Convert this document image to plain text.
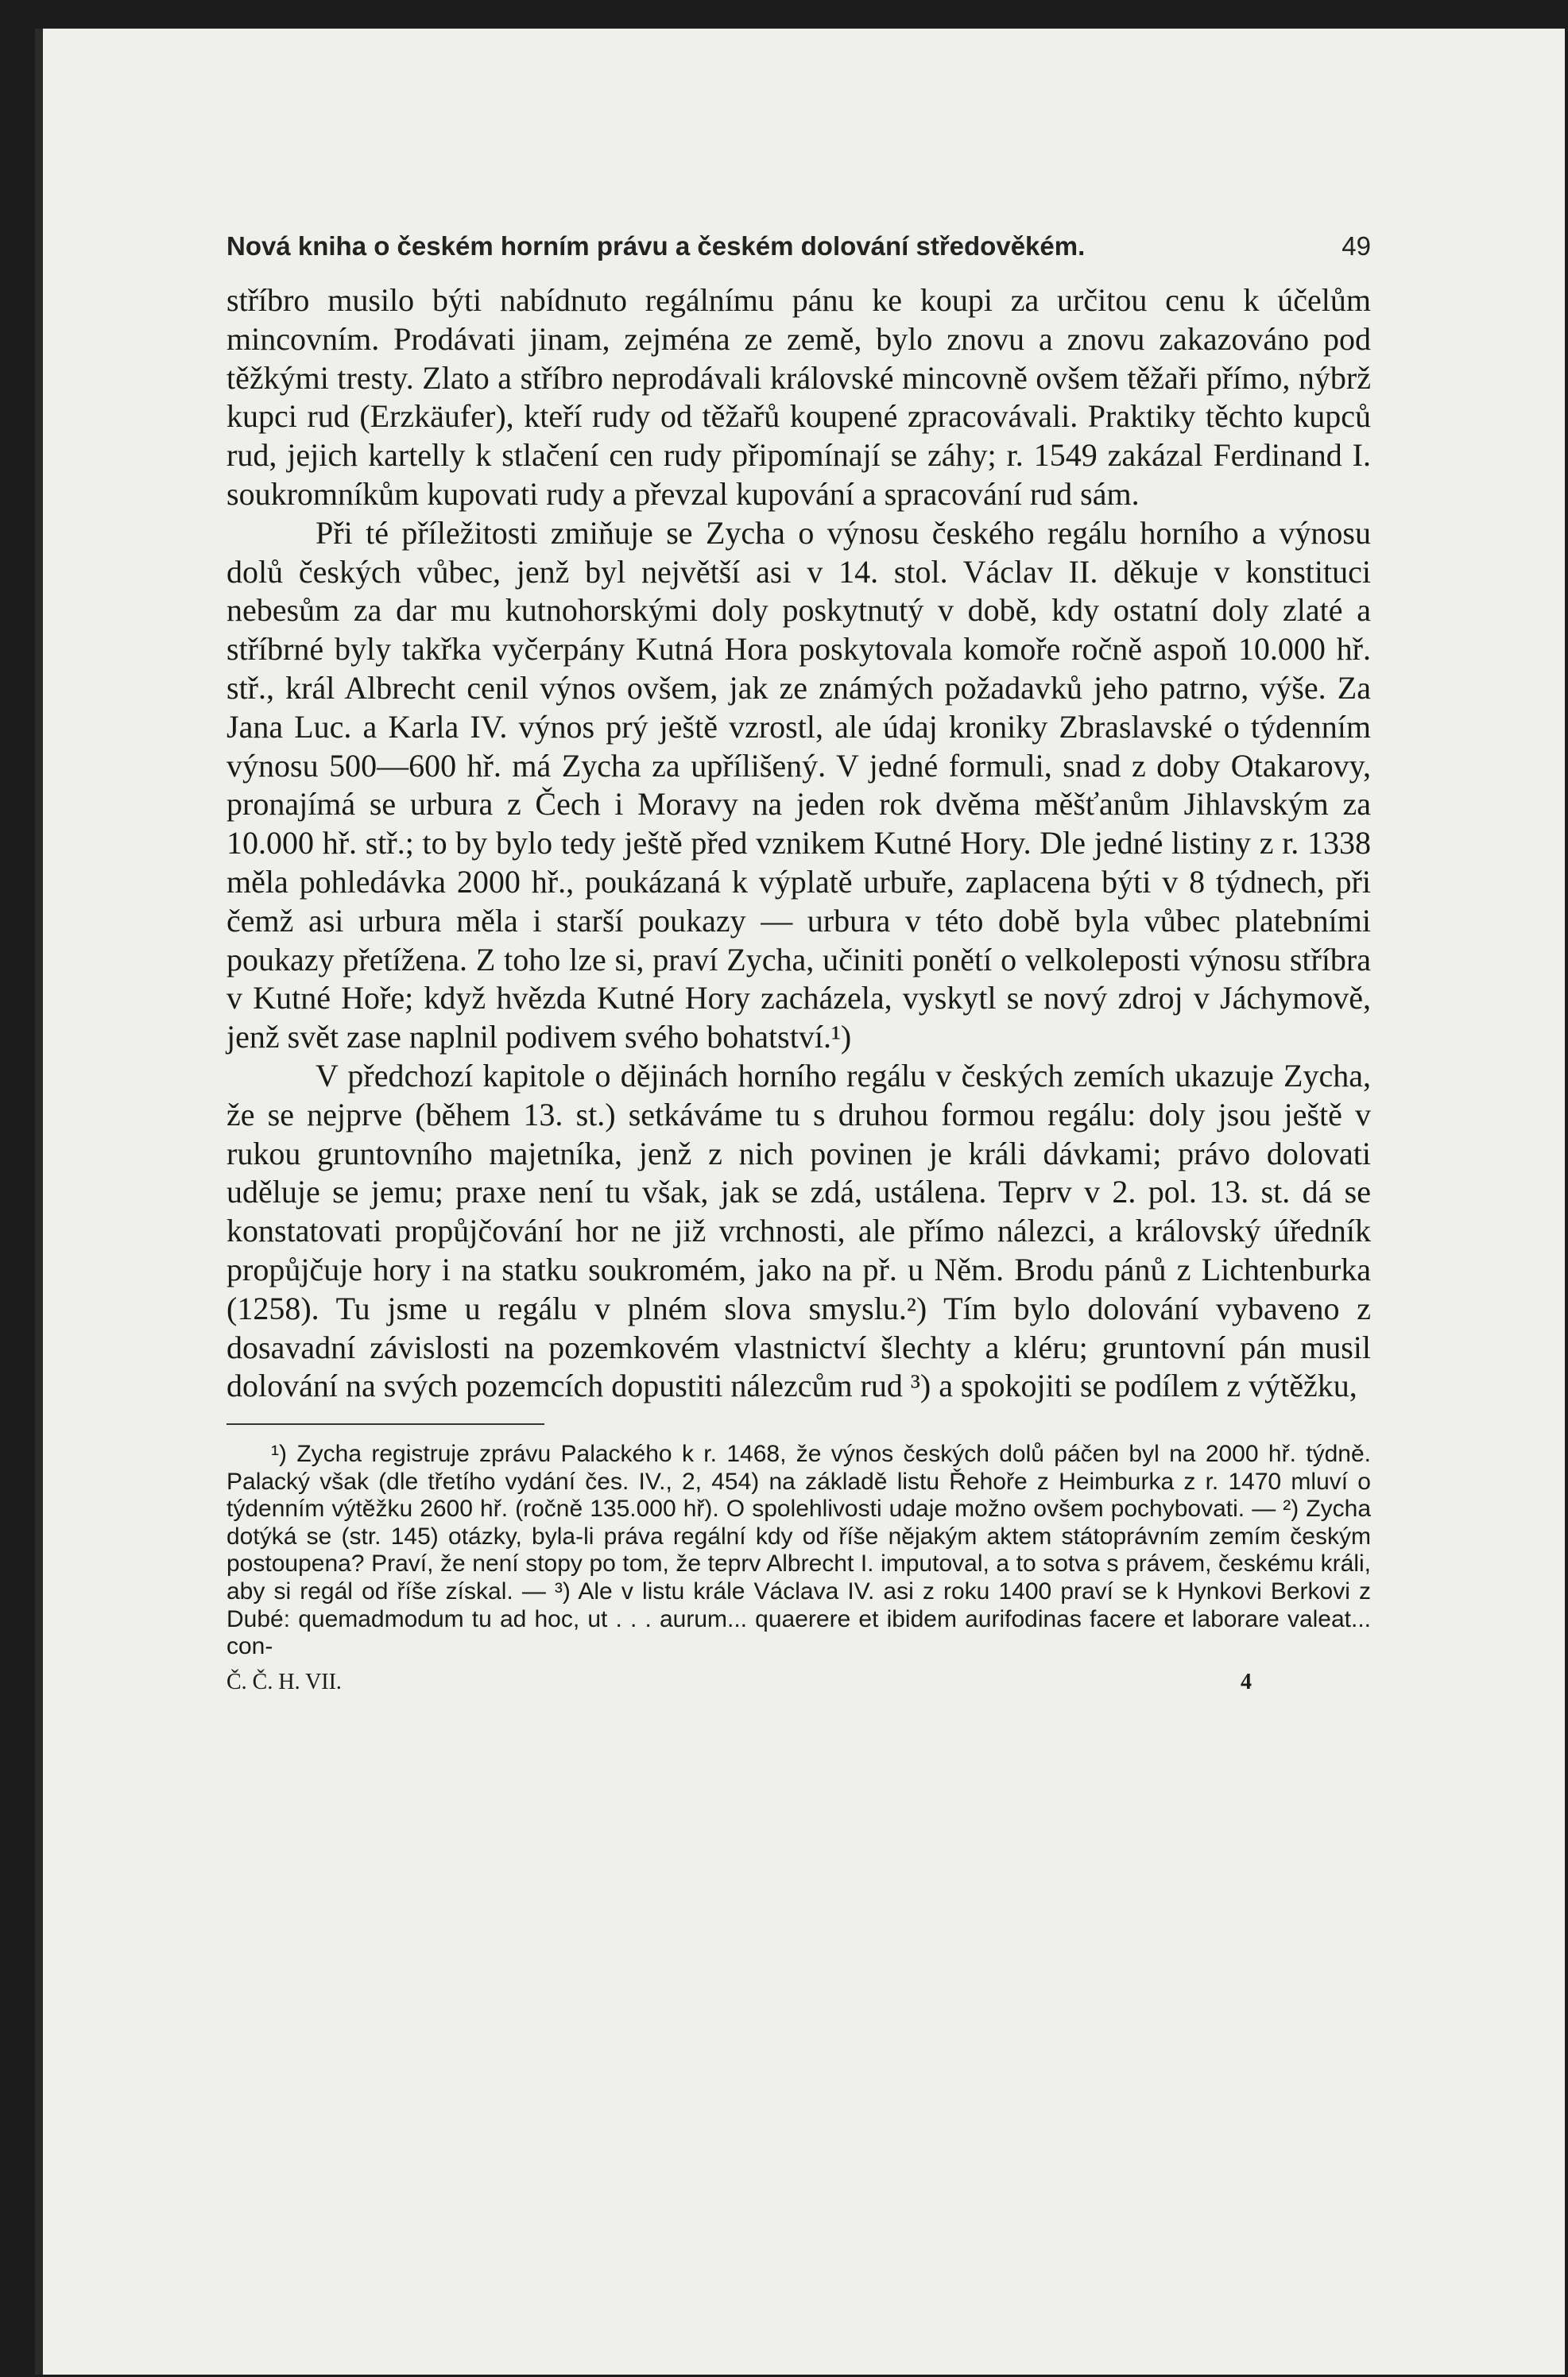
Nová kniha o českém horním právu a českém dolování středověkém.	49

stříbro musilo býti nabídnuto regálnímu pánu ke koupi za určitou cenu k účelům mincovním. Prodávati jinam, zejména ze země, bylo znovu a znovu zakazováno pod těžkými tresty. Zlato a stříbro neprodávali královské mincovně ovšem těžaři přímo, nýbrž kupci rud (Erzkäufer), kteří rudy od těžařů koupené zpracovávali. Praktiky těchto kupců rud, jejich kartelly k stlačení cen rudy připomínají se záhy; r. 1549 zakázal Ferdinand I. soukromníkům kupovati rudy a převzal kupování a spracování rud sám.

Při té příležitosti zmiňuje se Zycha o výnosu českého regálu horního a výnosu dolů českých vůbec, jenž byl největší asi v 14. stol. Václav II. děkuje v konstituci nebesům za dar mu kutnohorskými doly poskytnutý v době, kdy ostatní doly zlaté a stříbrné byly takřka vyčerpány Kutná Hora poskytovala komoře ročně aspoň 10.000 hř. stř., král Albrecht cenil výnos ovšem, jak ze známých požadavků jeho patrno, výše. Za Jana Luc. a Karla IV. výnos prý ještě vzrostl, ale údaj kroniky Zbraslavské o týdenním výnosu 500—600 hř. má Zycha za upřílišený. V jedné formuli, snad z doby Otakarovy, pronajímá se urbura z Čech i Moravy na jeden rok dvěma měšťanům Jihlavským za 10.000 hř. stř.; to by bylo tedy ještě před vznikem Kutné Hory. Dle jedné listiny z r. 1338 měla pohledávka 2000 hř., poukázaná k výplatě urbuře, zaplacena býti v 8 týdnech, při čemž asi urbura měla i starší poukazy — urbura v této době byla vůbec platebními poukazy přetížena. Z toho lze si, praví Zycha, učiniti ponětí o velkoleposti výnosu stříbra v Kutné Hoře; když hvězda Kutné Hory zacházela, vyskytl se nový zdroj v Jáchymově, jenž svět zase naplnil podivem svého bohatství.¹)

V předchozí kapitole o dějinách horního regálu v českých zemích ukazuje Zycha, že se nejprve (během 13. st.) setkáváme tu s druhou formou regálu: doly jsou ještě v rukou gruntovního majetníka, jenž z nich povinen je králi dávkami; právo dolovati uděluje se jemu; praxe není tu však, jak se zdá, ustálena. Teprv v 2. pol. 13. st. dá se konstatovati propůjčování hor ne již vrchnosti, ale přímo nálezci, a královský úředník propůjčuje hory i na statku soukromém, jako na př. u Něm. Brodu pánů z Lichtenburka (1258). Tu jsme u regálu v plném slova smyslu.²) Tím bylo dolování vybaveno z dosavadní závislosti na pozemkovém vlastnictví šlechty a kléru; gruntovní pán musil dolování na svých pozemcích dopustiti nálezcům rud ³) a spokojiti se podílem z výtěžku,

¹) Zycha registruje zprávu Palackého k r. 1468, že výnos českých dolů páčen byl na 2000 hř. týdně. Palacký však (dle třetího vydání čes. IV., 2, 454) na základě listu Řehoře z Heimburka z r. 1470 mluví o týdenním výtěžku 2600 hř. (ročně 135.000 hř). O spolehlivosti udaje možno ovšem pochybovati. — ²) Zycha dotýká se (str. 145) otázky, byla-li práva regální kdy od říše nějakým aktem státoprávním zemím českým postoupena? Praví, že není stopy po tom, že teprv Albrecht I. imputoval, a to sotva s právem, českému králi, aby si regál od říše získal. — ³) Ale v listu krále Václava IV. asi z roku 1400 praví se k Hynkovi Berkovi z Dubé: quemadmodum tu ad hoc, ut . . . aurum... quaerere et ibidem aurifodinas facere et laborare valeat... con-

Č. Č. H. VII.	4
